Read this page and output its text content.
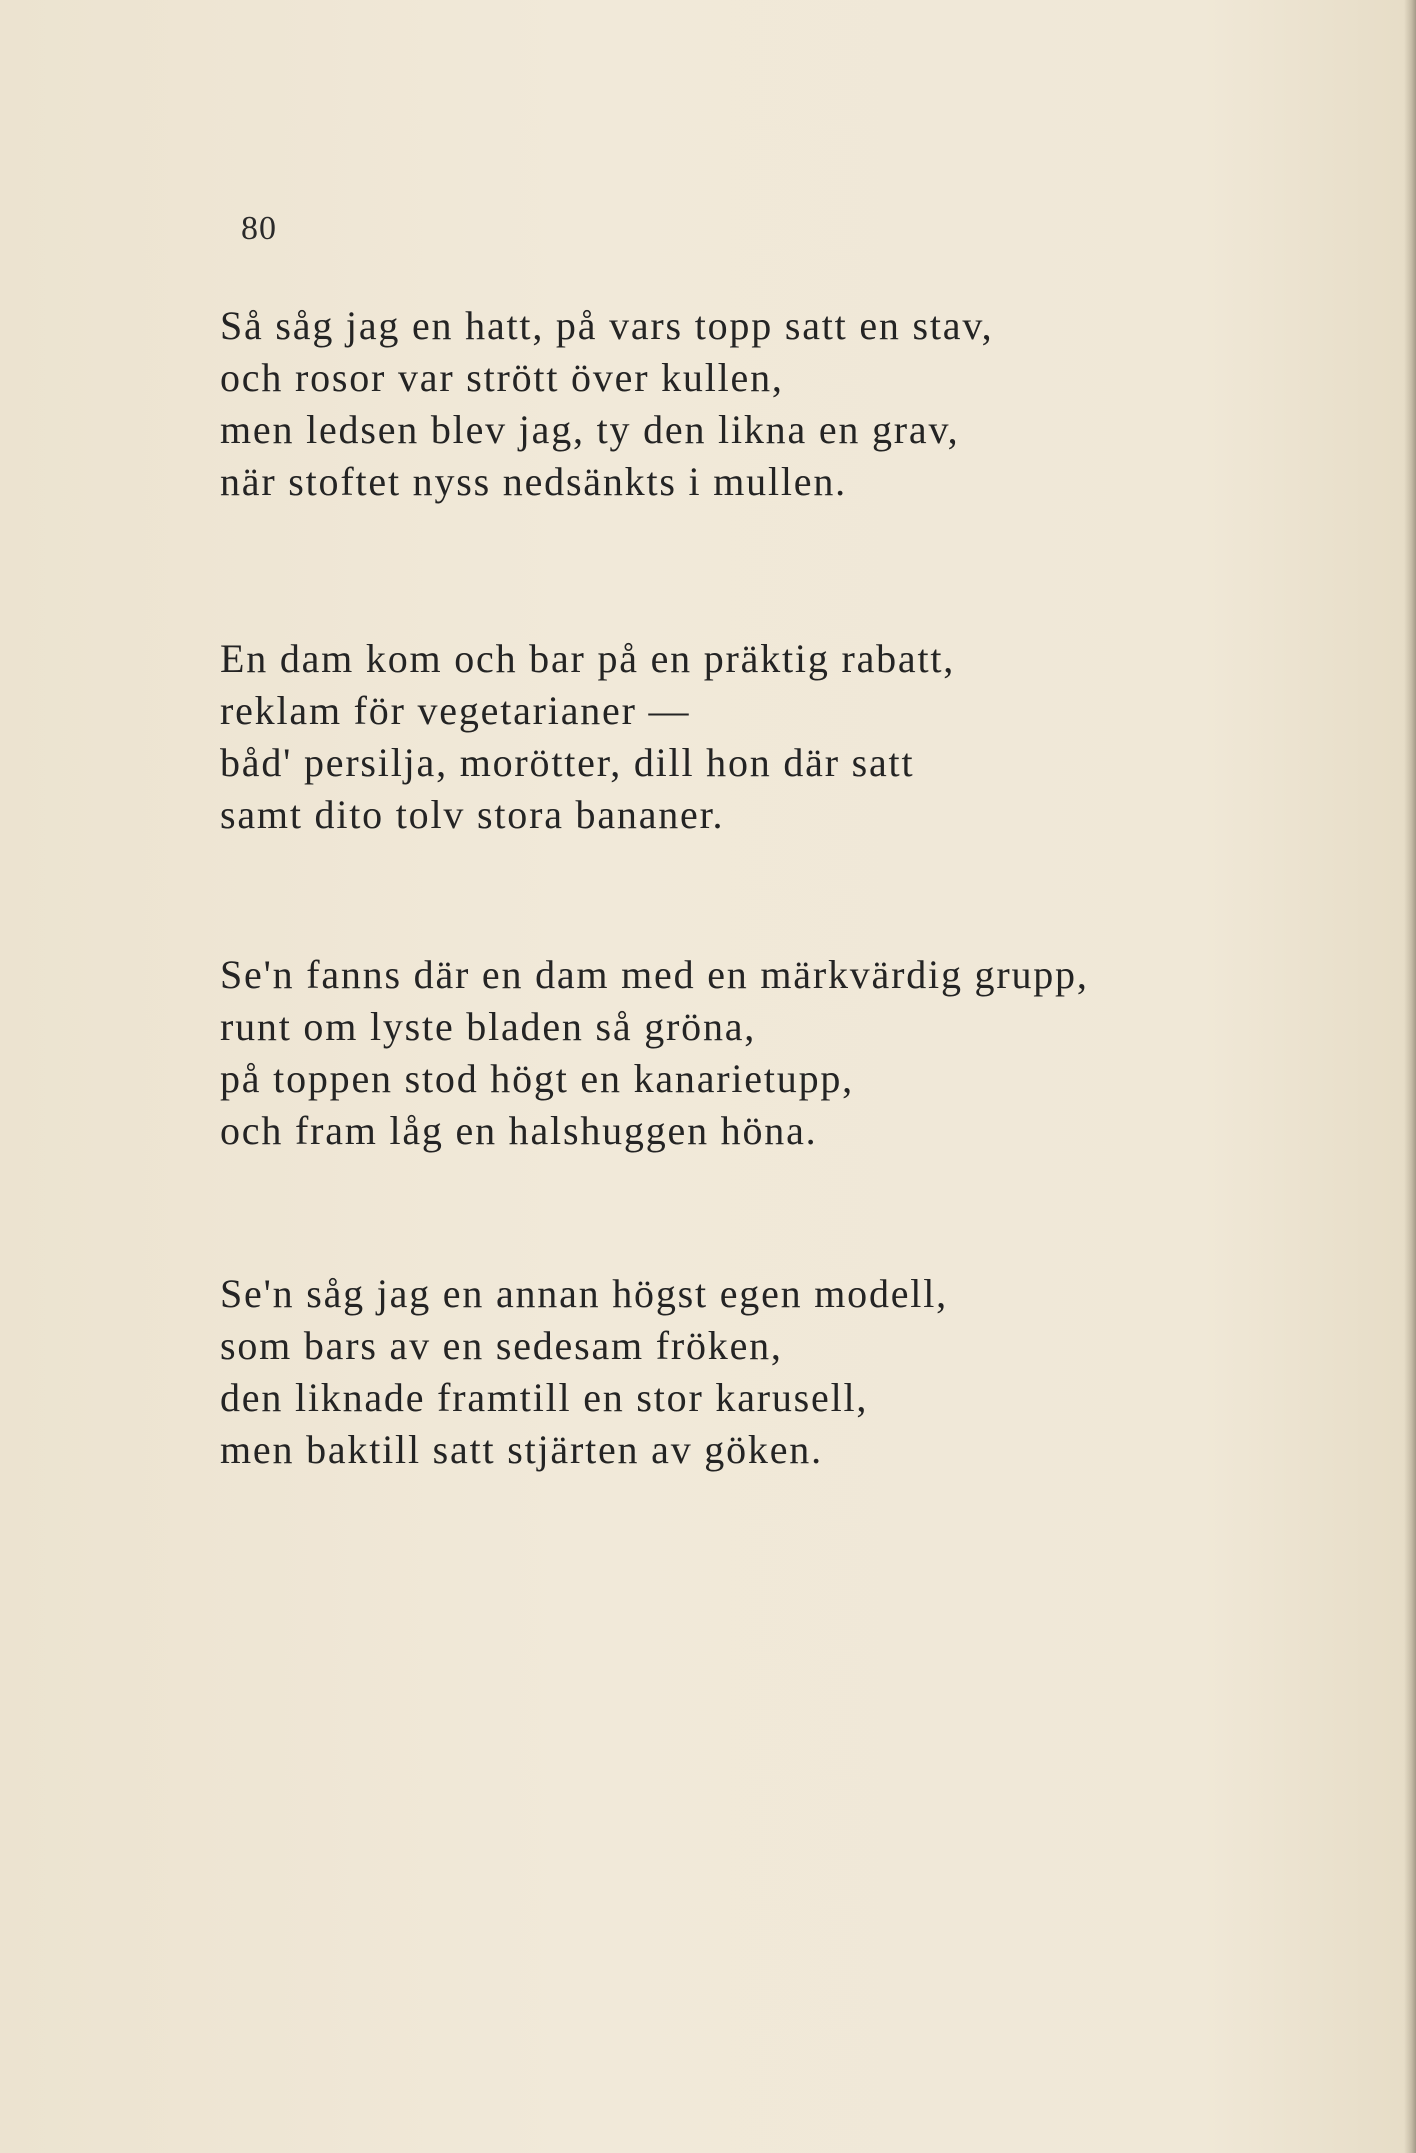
80
Så såg jag en hatt, på vars topp satt en stav,
och rosor var strött över kullen,
men ledsen blev jag, ty den likna en grav,
när stoftet nyss nedsänkts i mullen.
En dam kom och bar på en präktig rabatt,
reklam för vegetarianer —
båd' persilja, morötter, dill hon där satt
samt dito tolv stora bananer.
Se'n fanns där en dam med en märkvärdig grupp,
runt om lyste bladen så gröna,
på toppen stod högt en kanarietupp,
och fram låg en halshuggen höna.
Se'n såg jag en annan högst egen modell,
som bars av en sedesam fröken,
den liknade framtill en stor karusell,
men baktill satt stjärten av göken.
